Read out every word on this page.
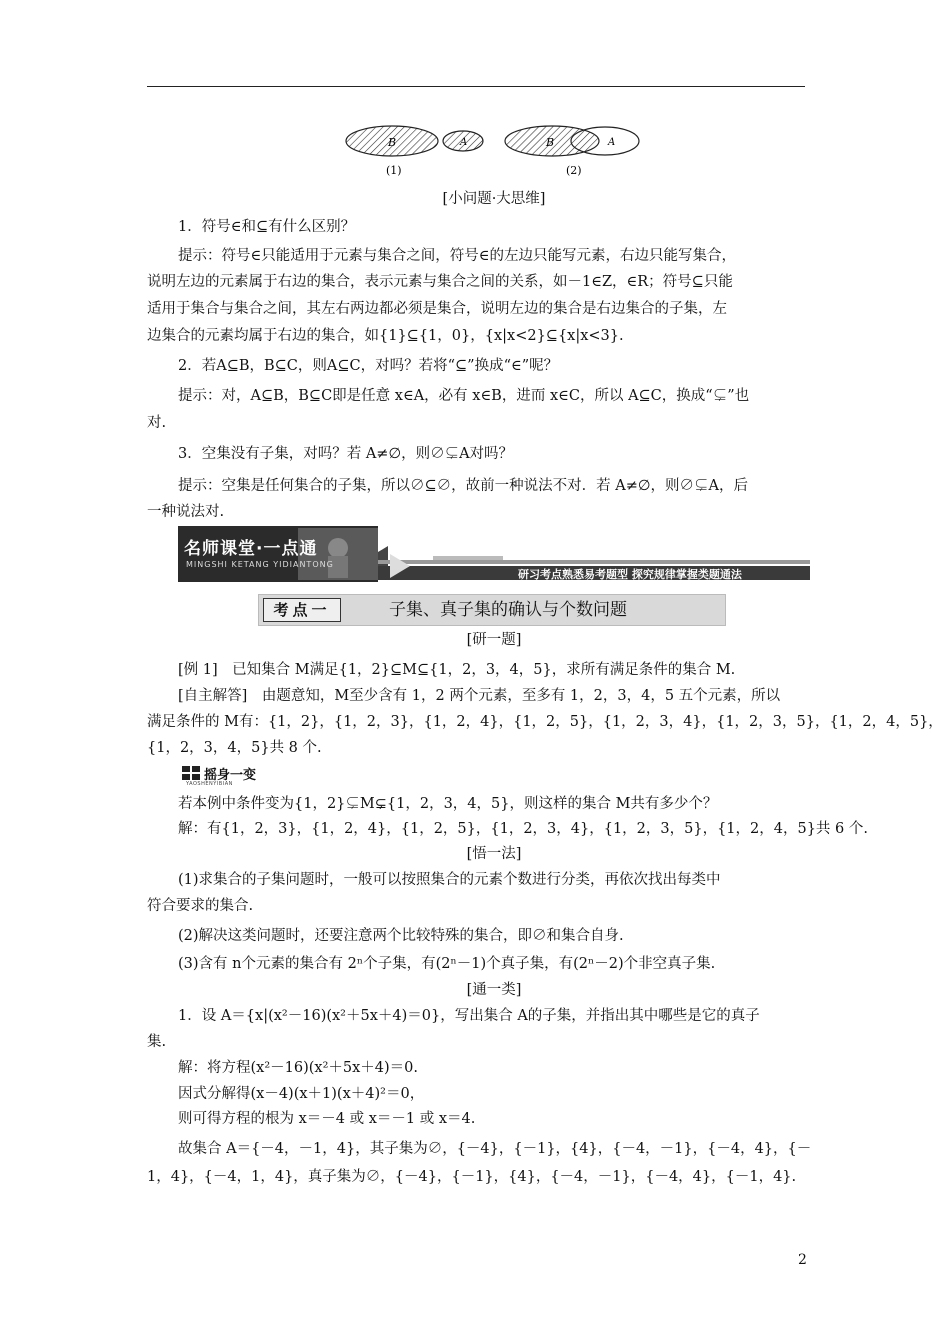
B	A
(1)
B	A
(2)
[小问题·大思维]
1．符号∈和⊆有什么区别？
提示：符号∈只能适用于元素与集合之间，符号∈的左边只能写元素，右边只能写集合，
说明左边的元素属于右边的集合，表示元素与集合之间的关系，如－1∈Z，∈R；符号⊆只能
适用于集合与集合之间，其左右两边都必须是集合，说明左边的集合是右边集合的子集，左
边集合的元素均属于右边的集合，如{1}⊆{1，0}，{x|x<2}⊆{x|x<3}.
2．若A⊆B，B⊆C，则A⊆C，对吗？若将“⊆”换成“∈”呢？
提示：对，A⊆B，B⊆C即是任意 x∈A，必有 x∈B，进而 x∈C，所以 A⊆C，换成“⊊”也
对.
3．空集没有子集，对吗？若 A≠∅，则∅⊊A对吗？
提示：空集是任何集合的子集，所以∅⊆∅，故前一种说法不对．若 A≠∅，则∅⊊A，后
一种说法对.
名师课堂·一点通
MINGSHI KETANG YIDIANTONG
研习考点熟悉易考题型 探究规律掌握类题通法
考点一	子集、真子集的确认与个数问题
[研一题]
[例 1]　已知集合 M满足{1，2}⊆M⊆{1，2，3，4，5}，求所有满足条件的集合 M.
[自主解答]　由题意知，M至少含有 1，2 两个元素，至多有 1，2，3，4，5 五个元素，所以
满足条件的 M有：{1，2}，{1，2，3}，{1，2，4}，{1，2，5}，{1，2，3，4}，{1，2，3，5}，{1，2，4，5}，
{1，2，3，4，5}共 8 个.
摇身一变
YAOSHENYIBIAN
若本例中条件变为{1，2}⊊M⊊{1，2，3，4，5}，则这样的集合 M共有多少个？
解：有{1，2，3}，{1，2，4}，{1，2，5}，{1，2，3，4}，{1，2，3，5}，{1，2，4，5}共 6 个.
[悟一法]
(1)求集合的子集问题时，一般可以按照集合的元素个数进行分类，再依次找出每类中
符合要求的集合.
(2)解决这类问题时，还要注意两个比较特殊的集合，即∅和集合自身.
(3)含有 n个元素的集合有 2ⁿ个子集，有(2ⁿ－1)个真子集，有(2ⁿ－2)个非空真子集.
[通一类]
1．设 A＝{x|(x²－16)(x²＋5x＋4)＝0}，写出集合 A的子集，并指出其中哪些是它的真子
集.
解：将方程(x²－16)(x²＋5x＋4)＝0.
因式分解得(x－4)(x＋1)(x＋4)²＝0，
则可得方程的根为 x＝－4 或 x＝－1 或 x＝4.
故集合 A＝{－4，－1，4}，其子集为∅，{－4}，{－1}，{4}，{－4，－1}，{－4，4}，{－
1，4}，{－4，1，4}，真子集为∅，{－4}，{－1}，{4}，{－4，－1}，{－4，4}，{－1，4}.
2
